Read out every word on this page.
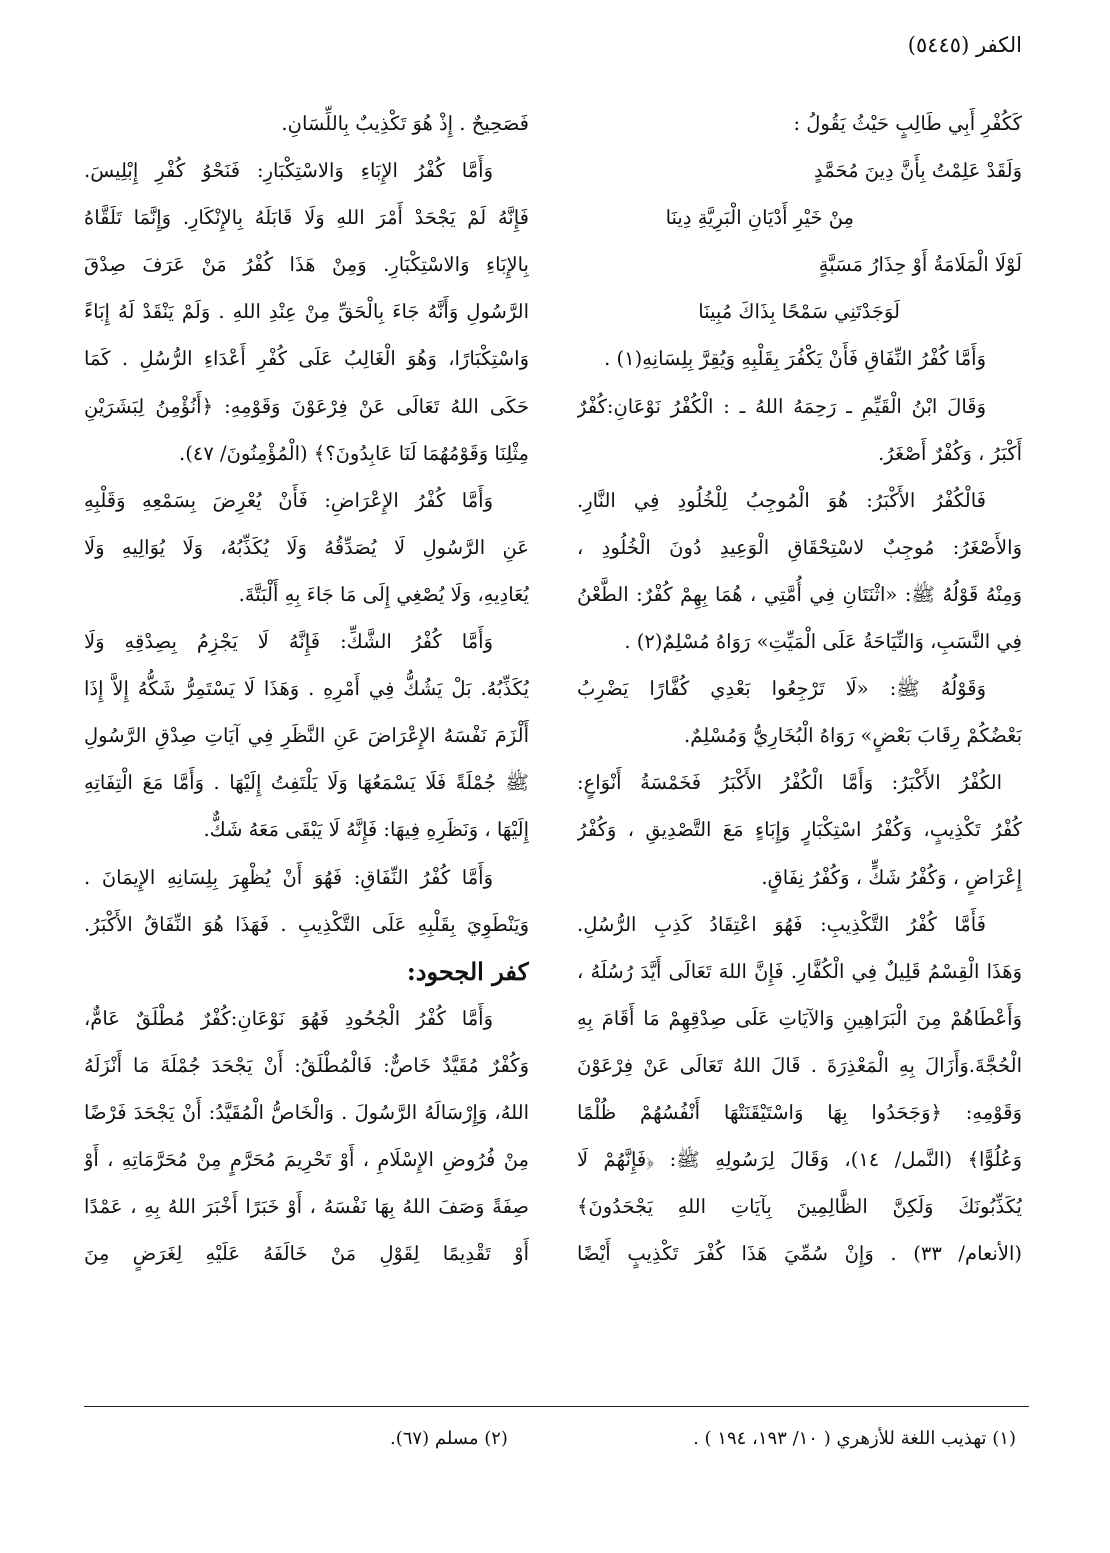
الكفر (٥٤٤٥)
كَكُفْرِ أَبِي طَالِبٍ حَيْثُ يَقُولُ :
وَلَقَدْ عَلِمْتُ بِأَنَّ دِينَ مُحَمَّدٍ
مِنْ خَيْرِ أَدْيَانِ الْبَرِيَّةِ دِينَا
لَوْلَا الْمَلَامَةُ أَوْ حِذَارُ مَسَبَّةٍ
لَوَجَدْتَنِي سَمْحًا بِذَاكَ مُبِينَا
وَأَمَّا كُفْرُ النِّفَاقِ فَأَنْ يَكْفُرَ بِقَلْبِهِ وَيُقِرَّ بِلِسَانِهِ(١) .
وَقَالَ ابْنُ الْقَيِّمِ ـ رَحِمَهُ اللهُ ـ : الْكُفْرُ نَوْعَانِ:كُفْرٌ
أَكْبَرُ ، وَكُفْرٌ أَصْغَرُ.
فَالْكُفْرُ الأَكْبَرُ: هُوَ الْمُوجِبُ لِلْخُلُودِ فِي النَّارِ.
وَالأَصْغَرُ: مُوجِبٌ لاسْتِحْقَاقِ الْوَعِيدِ دُونَ الْخُلُودِ ،
وَمِنْهُ قَوْلُهُ ﷺ: «اثْنَتَانِ فِي أُمَّتِي ، هُمَا بِهِمْ كُفْرٌ: الطَّعْنُ
فِي النَّسَبِ، وَالنِّيَاحَةُ عَلَى الْمَيِّتِ» رَوَاهُ مُسْلِمٌ(٢) .
وَقَوْلُهُ ﷺ: «لَا تَرْجِعُوا بَعْدِي كُفَّارًا يَضْرِبُ
بَعْضُكُمْ رِقَابَ بَعْضٍ» رَوَاهُ الْبُخَارِيُّ وَمُسْلِمٌ.
الكُفْرُ الأَكْبَرُ: وَأَمَّا الْكُفْرُ الأَكْبَرُ فَخَمْسَةُ أَنْوَاعٍ:
كُفْرُ تَكْذِيبٍ، وَكُفْرُ اسْتِكْبَارٍ وَإِبَاءٍ مَعَ التَّصْدِيقِ ، وَكُفْرُ
إِعْرَاضٍ ، وَكُفْرُ شَكٍّ ، وَكُفْرُ نِفَاقٍ.
فَأَمَّا كُفْرُ التَّكْذِيبِ: فَهُوَ اعْتِقَادُ كَذِبِ الرُّسُلِ.
وَهَذَا الْقِسْمُ قَلِيلٌ فِي الْكُفَّارِ. فَإِنَّ اللهَ تَعَالَى أَيَّدَ رُسُلَهُ ،
وَأَعْطَاهُمْ مِنَ الْبَرَاهِينِ وَالآيَاتِ عَلَى صِدْقِهِمْ مَا أَقَامَ بِهِ
الْحُجَّةَ.وَأَزَالَ بِهِ الْمَعْذِرَةَ . قَالَ اللهُ تَعَالَى عَنْ فِرْعَوْنَ
وَقَوْمِهِ: ﴿وَجَحَدُوا بِهَا وَاسْتَيْقَنَتْهَا أَنْفُسُهُمْ ظُلْمًا
وَعُلُوًّا﴾ (النَّمل/ ١٤)، وَقَالَ لِرَسُولِهِ ﷺ: ﴿فَإِنَّهُمْ لَا
يُكَذِّبُونَكَ وَلَكِنَّ الظَّالِمِينَ بِآيَاتِ اللهِ يَجْحَدُونَ﴾
(الأنعام/ ٣٣) . وَإِنْ سُمِّيَ هَذَا كُفْرَ تَكْذِيبٍ أَيْضًا
فَصَحِيحٌ . إِذْ هُوَ تَكْذِيبٌ بِاللِّسَانِ.
وَأَمَّا كُفْرُ الإِبَاءِ وَالاسْتِكْبَارِ: فَنَحْوُ كُفْرِ إِبْلِيسَ.
فَإِنَّهُ لَمْ يَجْحَدْ أَمْرَ اللهِ وَلَا قَابَلَهُ بِالإِنْكَارِ. وَإِنَّمَا تَلَقَّاهُ
بِالإِبَاءِ وَالاسْتِكْبَارِ. وَمِنْ هَذَا كُفْرُ مَنْ عَرَفَ صِدْقَ
الرَّسُولِ وَأَنَّهُ جَاءَ بِالْحَقِّ مِنْ عِنْدِ اللهِ . وَلَمْ يَنْقَدْ لَهُ إِبَاءً
وَاسْتِكْبَارًا، وَهُوَ الْغَالِبُ عَلَى كُفْرِ أَعْدَاءِ الرُّسُلِ . كَمَا
حَكَى اللهُ تَعَالَى عَنْ فِرْعَوْنَ وَقَوْمِهِ: ﴿أَنُؤْمِنُ لِبَشَرَيْنِ
مِثْلِنَا وَقَوْمُهُمَا لَنَا عَابِدُونَ؟﴾ (الْمُؤْمِنُونَ/ ٤٧).
وَأَمَّا كُفْرُ الإِعْرَاضِ: فَأَنْ يُعْرِضَ بِسَمْعِهِ وَقَلْبِهِ
عَنِ الرَّسُولِ لَا يُصَدِّقُهُ وَلَا يُكَذِّبُهُ، وَلَا يُوَالِيهِ وَلَا
يُعَادِيهِ، وَلَا يُصْغِي إِلَى مَا جَاءَ بِهِ أَلْبَتَّةَ.
وَأَمَّا كُفْرُ الشَّكِّ: فَإِنَّهُ لَا يَجْزِمُ بِصِدْقِهِ وَلَا
يُكَذِّبُهُ. بَلْ يَشُكُّ فِي أَمْرِهِ . وَهَذَا لَا يَسْتَمِرُّ شَكُّهُ إِلاَّ إِذَا
أَلْزَمَ نَفْسَهُ الإِعْرَاضَ عَنِ النَّظَرِ فِي آيَاتِ صِدْقِ الرَّسُولِ
ﷺ جُمْلَةً فَلَا يَسْمَعُهَا وَلَا يَلْتَفِتُ إِلَيْهَا . وَأَمَّا مَعَ الْتِفَاتِهِ
إِلَيْهَا ، وَنَظَرِهِ فِيهَا: فَإِنَّهُ لَا يَبْقَى مَعَهُ شَكٌّ.
وَأَمَّا كُفْرُ النِّفَاقِ: فَهُوَ أَنْ يُظْهِرَ بِلِسَانِهِ الإِيمَانَ .
وَيَنْطَوِيَ بِقَلْبِهِ عَلَى التَّكْذِيبِ . فَهَذَا هُوَ النِّفَاقُ الأَكْبَرُ.
كفر الجحود:
وَأَمَّا كُفْرُ الْجُحُودِ فَهُوَ نَوْعَانِ:كُفْرٌ مُطْلَقٌ عَامٌّ،
وَكُفْرٌ مُقَيَّدٌ خَاصٌّ: فَالْمُطْلَقُ: أَنْ يَجْحَدَ جُمْلَةَ مَا أَنْزَلَهُ
اللهُ، وَإِرْسَالَهُ الرَّسُولَ . وَالْخَاصُّ الْمُقَيَّدُ: أَنْ يَجْحَدَ فَرْضًا
مِنْ فُرُوضِ الإِسْلَامِ ، أَوْ تَحْرِيمَ مُحَرَّمٍ مِنْ مُحَرَّمَاتِهِ ، أَوْ
صِفَةً وَصَفَ اللهُ بِهَا نَفْسَهُ ، أَوْ خَبَرًا أَخْبَرَ اللهُ بِهِ ، عَمْدًا
أَوْ تَقْدِيمًا لِقَوْلِ مَنْ خَالَفَهُ عَلَيْهِ لِغَرَضٍ مِنَ
(١) تهذيب اللغة للأزهري ( ١٠/ ١٩٣، ١٩٤ ) .
(٢) مسلم (٦٧).
